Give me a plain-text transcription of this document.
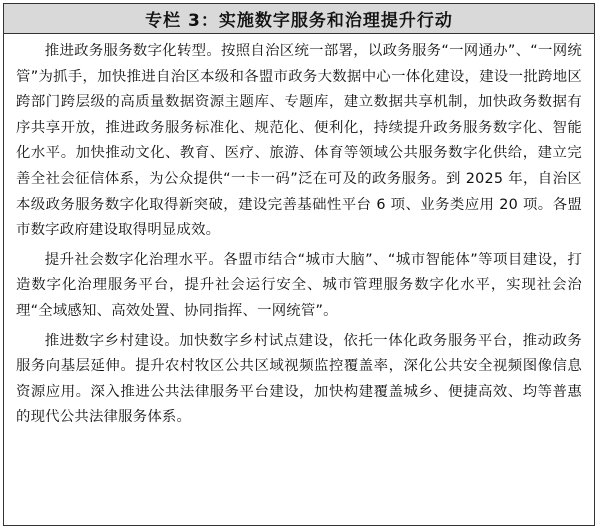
专栏 3：实施数字服务和治理提升行动

推进政务服务数字化转型。按照自治区统一部署，以政务服务“一网通办”、“一网统管”为抓手，加快推进自治区本级和各盟市政务大数据中心一体化建设，建设一批跨地区跨部门跨层级的高质量数据资源主题库、专题库，建立数据共享机制，加快政务数据有序共享开放，推进政务服务标准化、规范化、便利化，持续提升政务服务数字化、智能化水平。加快推动文化、教育、医疗、旅游、体育等领域公共服务数字化供给，建立完善全社会征信体系，为公众提供“一卡一码”泛在可及的政务服务。到 2025 年，自治区本级政务服务数字化取得新突破，建设完善基础性平台 6 项、业务类应用 20 项。各盟市数字政府建设取得明显成效。

提升社会数字化治理水平。各盟市结合“城市大脑”、“城市智能体”等项目建设，打造数字化治理服务平台，提升社会运行安全、城市管理服务数字化水平，实现社会治理“全域感知、高效处置、协同指挥、一网统管”。

推进数字乡村建设。加快数字乡村试点建设，依托一体化政务服务平台，推动政务服务向基层延伸。提升农村牧区公共区域视频监控覆盖率，深化公共安全视频图像信息资源应用。深入推进公共法律服务平台建设，加快构建覆盖城乡、便捷高效、均等普惠的现代公共法律服务体系。
